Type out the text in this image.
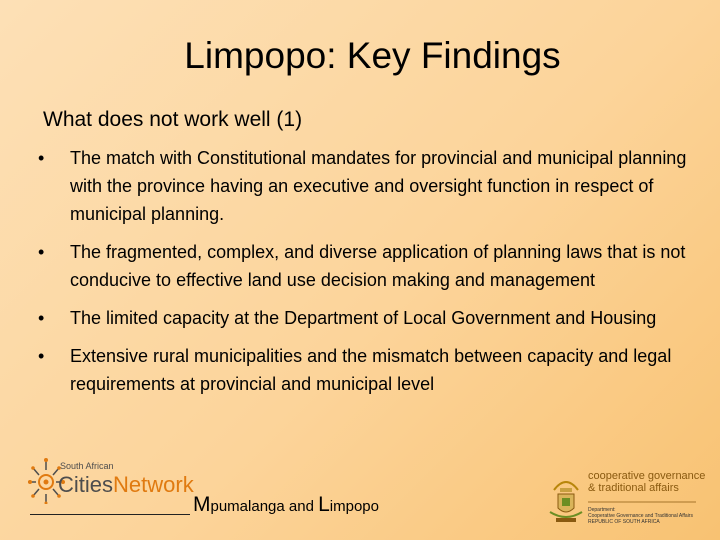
Limpopo: Key Findings
What does not work well (1)
• The match with Constitutional mandates for provincial and municipal planning with the province having an executive and oversight function in respect of municipal planning.
• The fragmented, complex, and diverse application of planning laws that is not conducive to effective land use decision making and management
• The limited capacity at the Department of Local Government and Housing
• Extensive rural municipalities and the mismatch between capacity and legal requirements at provincial and municipal level
South African
CitiesNetwork
Mpumalanga and Limpopo
cooperative governance
& traditional affairs
Department:
Cooperative Governance and Traditional Affairs
REPUBLIC OF SOUTH AFRICA
